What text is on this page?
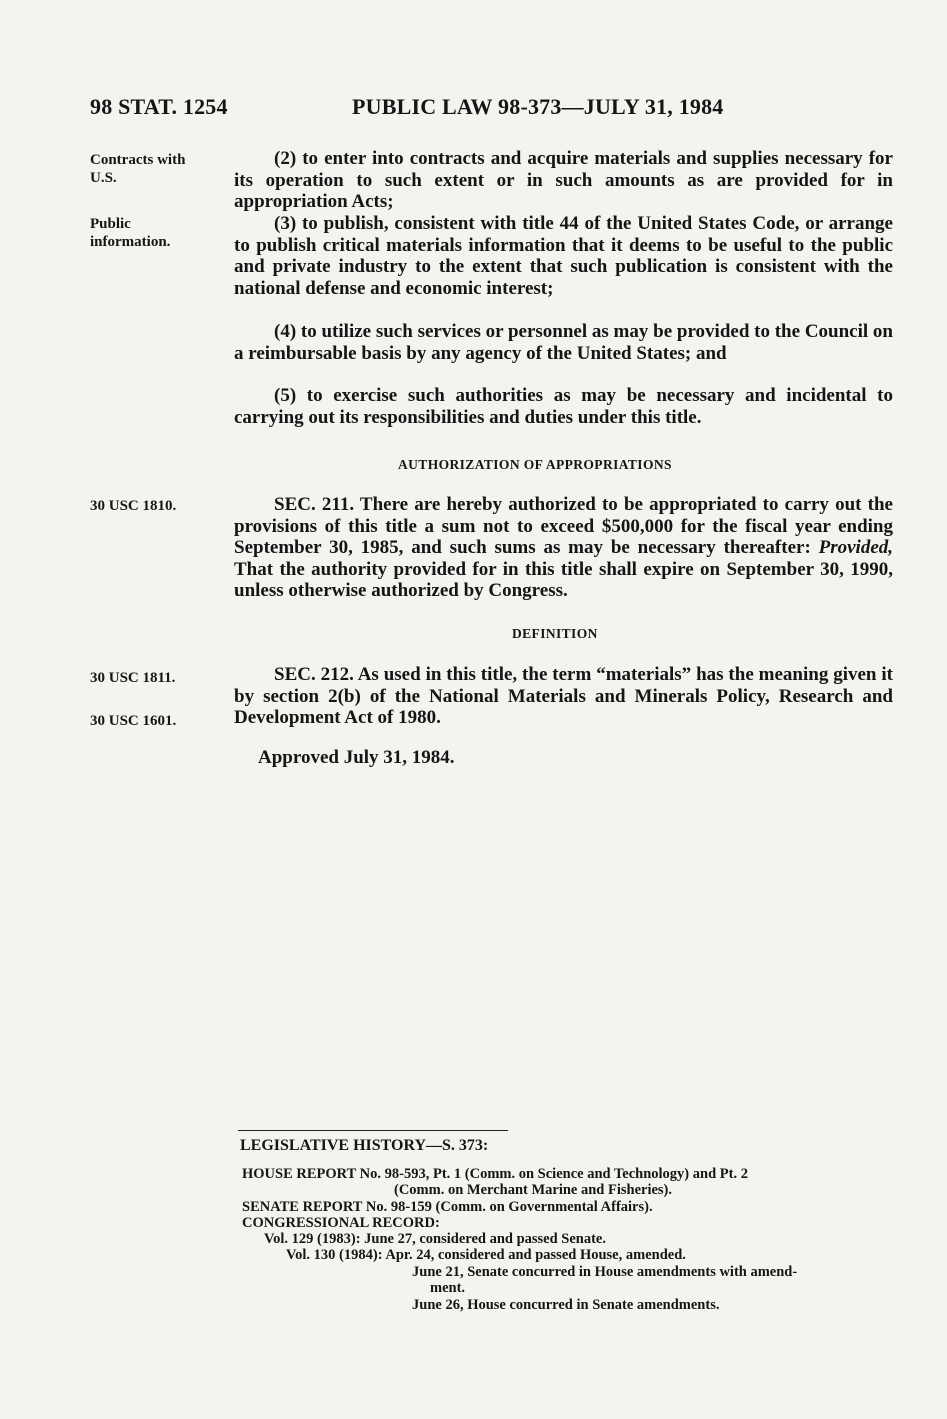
98 STAT. 1254	PUBLIC LAW 98-373—JULY 31, 1984
Contracts with
U.S.
Public
information.
30 USC 1810.
30 USC 1811.
30 USC 1601.

(2) to enter into contracts and acquire materials and supplies necessary for its operation to such extent or in such amounts as are provided for in appropriation Acts;

(3) to publish, consistent with title 44 of the United States Code, or arrange to publish critical materials information that it deems to be useful to the public and private industry to the extent that such publication is consistent with the national defense and economic interest;

(4) to utilize such services or personnel as may be provided to the Council on a reimbursable basis by any agency of the United States; and

(5) to exercise such authorities as may be necessary and incidental to carrying out its responsibilities and duties under this title.

AUTHORIZATION OF APPROPRIATIONS

SEC. 211. There are hereby authorized to be appropriated to carry out the provisions of this title a sum not to exceed $500,000 for the fiscal year ending September 30, 1985, and such sums as may be necessary thereafter: Provided, That the authority provided for in this title shall expire on September 30, 1990, unless otherwise authorized by Congress.

DEFINITION

SEC. 212. As used in this title, the term “materials” has the meaning given it by section 2(b) of the National Materials and Minerals Policy, Research and Development Act of 1980.

Approved July 31, 1984.
LEGISLATIVE HISTORY—S. 373:
HOUSE REPORT No. 98-593, Pt. 1 (Comm. on Science and Technology) and Pt. 2
(Comm. on Merchant Marine and Fisheries).
SENATE REPORT No. 98-159 (Comm. on Governmental Affairs).
CONGRESSIONAL RECORD:
Vol. 129 (1983): June 27, considered and passed Senate.
Vol. 130 (1984): Apr. 24, considered and passed House, amended.
June 21, Senate concurred in House amendments with amend-
ment.
June 26, House concurred in Senate amendments.
